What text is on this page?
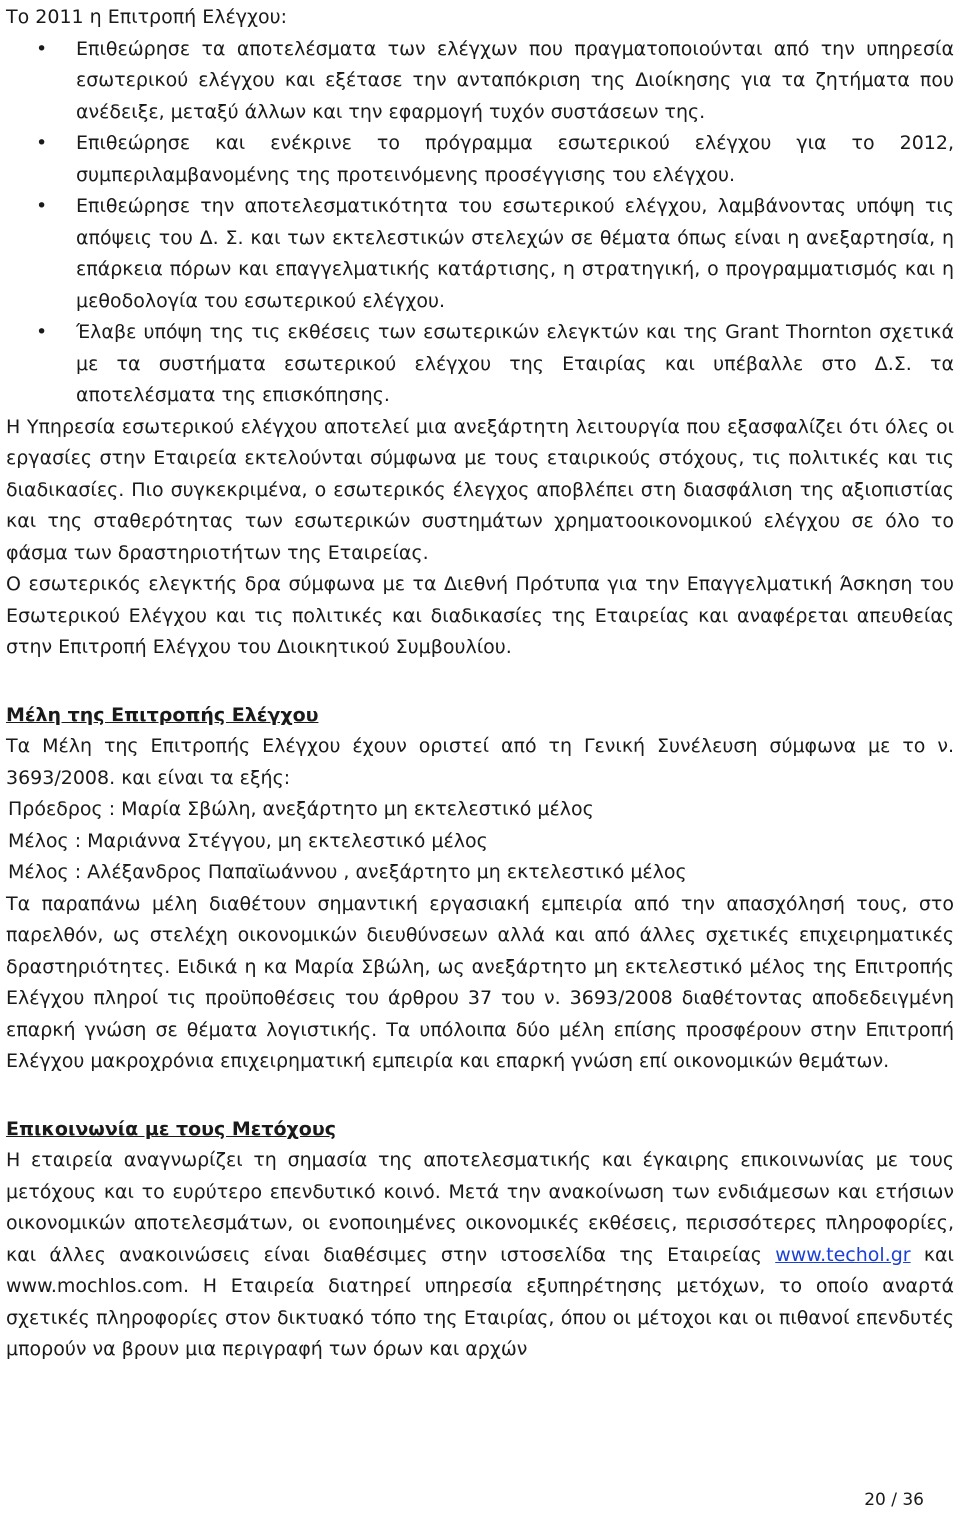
Το 2011 η Επιτροπή Ελέγχου:

• Επιθεώρησε τα αποτελέσματα των ελέγχων που πραγματοποιούνται από την υπηρεσία εσωτερικού ελέγχου και εξέτασε την ανταπόκριση της Διοίκησης για τα ζητήματα που ανέδειξε, μεταξύ άλλων και την εφαρμογή τυχόν συστάσεων της.
• Επιθεώρησε και ενέκρινε το πρόγραμμα εσωτερικού ελέγχου για το 2012, συμπεριλαμβανομένης της προτεινόμενης προσέγγισης του ελέγχου.
• Επιθεώρησε την αποτελεσματικότητα του εσωτερικού ελέγχου, λαμβάνοντας υπόψη τις απόψεις του Δ. Σ. και των εκτελεστικών στελεχών σε θέματα όπως είναι η ανεξαρτησία, η επάρκεια πόρων και επαγγελματικής κατάρτισης, η στρατηγική, ο προγραμματισμός και η μεθοδολογία του εσωτερικού ελέγχου.
• Έλαβε υπόψη της τις εκθέσεις των εσωτερικών ελεγκτών και της Grant Thornton σχετικά με τα συστήματα εσωτερικού ελέγχου της Εταιρίας και υπέβαλλε στο Δ.Σ. τα αποτελέσματα της επισκόπησης.

Η Υπηρεσία εσωτερικού ελέγχου αποτελεί μια ανεξάρτητη λειτουργία που εξασφαλίζει ότι όλες οι εργασίες στην Εταιρεία εκτελούνται σύμφωνα με τους εταιρικούς στόχους, τις πολιτικές και τις διαδικασίες. Πιο συγκεκριμένα, ο εσωτερικός έλεγχος αποβλέπει στη διασφάλιση της αξιοπιστίας και της σταθερότητας των εσωτερικών συστημάτων χρηματοοικονομικού ελέγχου σε όλο το φάσμα των δραστηριοτήτων της Εταιρείας.

Ο εσωτερικός ελεγκτής δρα σύμφωνα με τα Διεθνή Πρότυπα για την Επαγγελματική Άσκηση του Εσωτερικού Ελέγχου και τις πολιτικές και διαδικασίες της Εταιρείας και αναφέρεται απευθείας στην Επιτροπή Ελέγχου του Διοικητικού Συμβουλίου.

Μέλη της Επιτροπής Ελέγχου

Τα Μέλη της Επιτροπής Ελέγχου έχουν οριστεί από τη Γενική Συνέλευση σύμφωνα με το ν. 3693/2008. και είναι τα εξής:

Πρόεδρος : Μαρία Σβώλη, ανεξάρτητο μη εκτελεστικό μέλος

Μέλος : Μαριάννα Στέγγου, μη εκτελεστικό μέλος

Μέλος : Αλέξανδρος Παπαϊωάννου , ανεξάρτητο μη εκτελεστικό μέλος

Τα παραπάνω μέλη διαθέτουν σημαντική εργασιακή εμπειρία από την απασχόλησή τους, στο παρελθόν, ως στελέχη οικονομικών διευθύνσεων αλλά και από άλλες σχετικές επιχειρηματικές δραστηριότητες. Ειδικά η κα Μαρία Σβώλη, ως ανεξάρτητο μη εκτελεστικό μέλος της Επιτροπής Ελέγχου πληροί τις προϋποθέσεις του άρθρου 37 του ν. 3693/2008 διαθέτοντας αποδεδειγμένη επαρκή γνώση σε θέματα λογιστικής. Τα υπόλοιπα δύο μέλη επίσης προσφέρουν στην Επιτροπή Ελέγχου μακροχρόνια επιχειρηματική εμπειρία και επαρκή γνώση επί οικονομικών θεμάτων.

Επικοινωνία με τους Μετόχους

Η εταιρεία αναγνωρίζει τη σημασία της αποτελεσματικής και έγκαιρης επικοινωνίας με τους μετόχους και το ευρύτερο επενδυτικό κοινό. Μετά την ανακοίνωση των ενδιάμεσων και ετήσιων οικονομικών αποτελεσμάτων, οι ενοποιημένες οικονομικές εκθέσεις, περισσότερες πληροφορίες, και άλλες ανακοινώσεις είναι διαθέσιμες στην ιστοσελίδα της Εταιρείας www.techol.gr και www.mochlos.com. Η Εταιρεία διατηρεί υπηρεσία εξυπηρέτησης μετόχων, το οποίο αναρτά σχετικές πληροφορίες στον δικτυακό τόπο της Εταιρίας, όπου οι μέτοχοι και οι πιθανοί επενδυτές μπορούν να βρουν μια περιγραφή των όρων και αρχών

20 / 36
